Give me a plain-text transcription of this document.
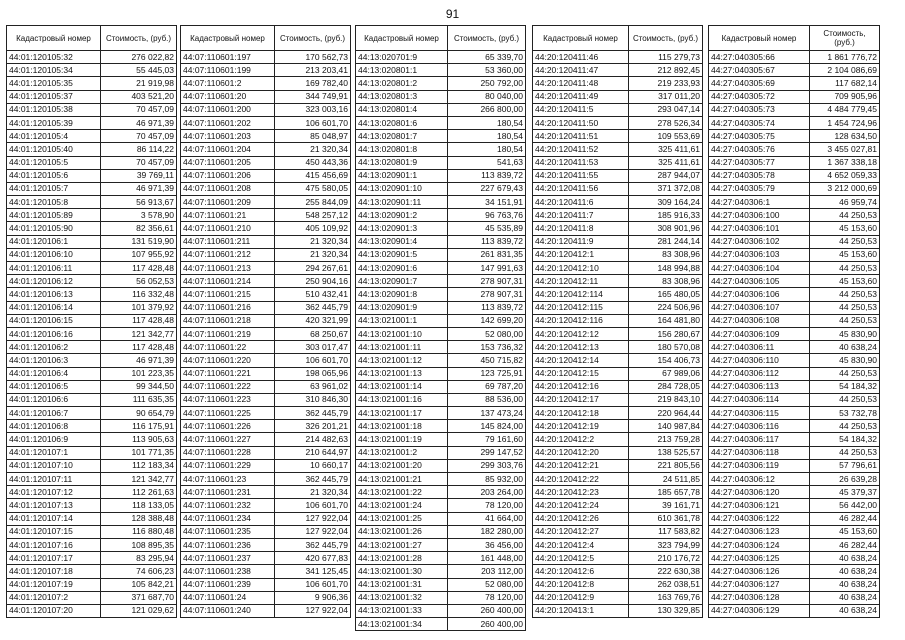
91
Кадастровый номер	Стоимость, (руб.)
44:01:120105:32	276 022,82
44:01:120105:34	55 445,03
44:01:120105:35	21 919,98
44:01:120105:37	403 521,20
44:01:120105:38	70 457,09
44:01:120105:39	46 971,39
44:01:120105:4	70 457,09
44:01:120105:40	86 114,22
44:01:120105:5	70 457,09
44:01:120105:6	39 769,11
44:01:120105:7	46 971,39
44:01:120105:8	56 913,67
44:01:120105:89	3 578,90
44:01:120105:90	82 356,61
44:01:120106:1	131 519,90
44:01:120106:10	107 955,92
44:01:120106:11	117 428,48
44:01:120106:12	56 052,53
44:01:120106:13	116 332,48
44:01:120106:14	101 379,92
44:01:120106:15	117 428,48
44:01:120106:16	121 342,77
44:01:120106:2	117 428,48
44:01:120106:3	46 971,39
44:01:120106:4	101 223,35
44:01:120106:5	99 344,50
44:01:120106:6	111 635,35
44:01:120106:7	90 654,79
44:01:120106:8	116 175,91
44:01:120106:9	113 905,63
44:01:120107:1	101 771,35
44:01:120107:10	112 183,34
44:01:120107:11	121 342,77
44:01:120107:12	112 261,63
44:01:120107:13	118 133,05
44:01:120107:14	128 388,48
44:01:120107:15	116 880,48
44:01:120107:16	108 895,35
44:01:120107:17	83 295,94
44:01:120107:18	74 606,23
44:01:120107:19	105 842,21
44:01:120107:2	371 687,70
44:01:120107:20	121 029,62
Кадастровый номер	Стоимость, (руб.)
44:07:110601:197	170 562,73
44:07:110601:199	213 203,41
44:07:110601:2	169 782,40
44:07:110601:20	344 749,91
44:07:110601:200	323 003,16
44:07:110601:202	106 601,70
44:07:110601:203	85 048,97
44:07:110601:204	21 320,34
44:07:110601:205	450 443,36
44:07:110601:206	415 456,69
44:07:110601:208	475 580,05
44:07:110601:209	255 844,09
44:07:110601:21	548 257,12
44:07:110601:210	405 109,92
44:07:110601:211	21 320,34
44:07:110601:212	21 320,34
44:07:110601:213	294 267,61
44:07:110601:214	250 904,16
44:07:110601:215	510 432,41
44:07:110601:216	362 445,79
44:07:110601:218	420 321,99
44:07:110601:219	68 250,67
44:07:110601:22	303 017,47
44:07:110601:220	106 601,70
44:07:110601:221	198 065,96
44:07:110601:222	63 961,02
44:07:110601:223	310 846,30
44:07:110601:225	362 445,79
44:07:110601:226	326 201,21
44:07:110601:227	214 482,63
44:07:110601:228	210 644,97
44:07:110601:229	10 660,17
44:07:110601:23	362 445,79
44:07:110601:231	21 320,34
44:07:110601:232	106 601,70
44:07:110601:234	127 922,04
44:07:110601:235	127 922,04
44:07:110601:236	362 445,79
44:07:110601:237	420 677,83
44:07:110601:238	341 125,45
44:07:110601:239	106 601,70
44:07:110601:24	9 906,36
44:07:110601:240	127 922,04
Кадастровый номер	Стоимость, (руб.)
44:13:020701:9	65 339,70
44:13:020801:1	53 360,00
44:13:020801:2	250 792,00
44:13:020801:3	80 040,00
44:13:020801:4	266 800,00
44:13:020801:6	180,54
44:13:020801:7	180,54
44:13:020801:8	180,54
44:13:020801:9	541,63
44:13:020901:1	113 839,72
44:13:020901:10	227 679,43
44:13:020901:11	34 151,91
44:13:020901:2	96 763,76
44:13:020901:3	45 535,89
44:13:020901:4	113 839,72
44:13:020901:5	261 831,35
44:13:020901:6	147 991,63
44:13:020901:7	278 907,31
44:13:020901:8	278 907,31
44:13:020901:9	113 839,72
44:13:021001:1	142 699,20
44:13:021001:10	52 080,00
44:13:021001:11	153 736,32
44:13:021001:12	450 715,82
44:13:021001:13	123 725,91
44:13:021001:14	69 787,20
44:13:021001:16	88 536,00
44:13:021001:17	137 473,24
44:13:021001:18	145 824,00
44:13:021001:19	79 161,60
44:13:021001:2	299 147,52
44:13:021001:20	299 303,76
44:13:021001:21	85 932,00
44:13:021001:22	203 264,00
44:13:021001:24	78 120,00
44:13:021001:25	41 664,00
44:13:021001:26	182 280,00
44:13:021001:27	36 456,00
44:13:021001:28	161 448,00
44:13:021001:30	203 112,00
44:13:021001:31	52 080,00
44:13:021001:32	78 120,00
44:13:021001:33	260 400,00
44:13:021001:34	260 400,00
Кадастровый номер	Стоимость, (руб.)
44:20:120411:46	115 279,73
44:20:120411:47	212 892,45
44:20:120411:48	219 233,93
44:20:120411:49	317 011,20
44:20:120411:5	293 047,14
44:20:120411:50	278 526,34
44:20:120411:51	109 553,69
44:20:120411:52	325 411,61
44:20:120411:53	325 411,61
44:20:120411:55	287 944,07
44:20:120411:56	371 372,08
44:20:120411:6	309 164,24
44:20:120411:7	185 916,33
44:20:120411:8	308 901,96
44:20:120411:9	281 244,14
44:20:120412:1	83 308,96
44:20:120412:10	148 994,88
44:20:120412:11	83 308,96
44:20:120412:114	165 480,05
44:20:120412:115	224 506,96
44:20:120412:116	164 481,80
44:20:120412:12	156 280,67
44:20:120412:13	180 570,08
44:20:120412:14	154 406,73
44:20:120412:15	67 989,06
44:20:120412:16	284 728,05
44:20:120412:17	219 843,10
44:20:120412:18	220 964,44
44:20:120412:19	140 987,84
44:20:120412:2	213 759,28
44:20:120412:20	138 525,57
44:20:120412:21	221 805,56
44:20:120412:22	24 511,85
44:20:120412:23	185 657,78
44:20:120412:24	39 161,71
44:20:120412:26	610 361,78
44:20:120412:27	117 583,82
44:20:120412:4	323 794,99
44:20:120412:5	210 176,72
44:20:120412:6	222 630,38
44:20:120412:8	262 038,51
44:20:120412:9	163 769,76
44:20:120413:1	130 329,85
Кадастровый номер	Стоимость, (руб.)
44:27:040305:66	1 861 776,72
44:27:040305:67	2 104 086,69
44:27:040305:69	117 682,14
44:27:040305:72	709 905,96
44:27:040305:73	4 484 779,45
44:27:040305:74	1 454 724,96
44:27:040305:75	128 634,50
44:27:040305:76	3 455 027,81
44:27:040305:77	1 367 338,18
44:27:040305:78	4 652 059,33
44:27:040305:79	3 212 000,69
44:27:040306:1	46 959,74
44:27:040306:100	44 250,53
44:27:040306:101	45 153,60
44:27:040306:102	44 250,53
44:27:040306:103	45 153,60
44:27:040306:104	44 250,53
44:27:040306:105	45 153,60
44:27:040306:106	44 250,53
44:27:040306:107	44 250,53
44:27:040306:108	44 250,53
44:27:040306:109	45 830,90
44:27:040306:11	40 638,24
44:27:040306:110	45 830,90
44:27:040306:112	44 250,53
44:27:040306:113	54 184,32
44:27:040306:114	44 250,53
44:27:040306:115	53 732,78
44:27:040306:116	44 250,53
44:27:040306:117	54 184,32
44:27:040306:118	44 250,53
44:27:040306:119	57 796,61
44:27:040306:12	26 639,28
44:27:040306:120	45 379,37
44:27:040306:121	56 442,00
44:27:040306:122	46 282,44
44:27:040306:123	45 153,60
44:27:040306:124	46 282,44
44:27:040306:125	40 638,24
44:27:040306:126	40 638,24
44:27:040306:127	40 638,24
44:27:040306:128	40 638,24
44:27:040306:129	40 638,24
